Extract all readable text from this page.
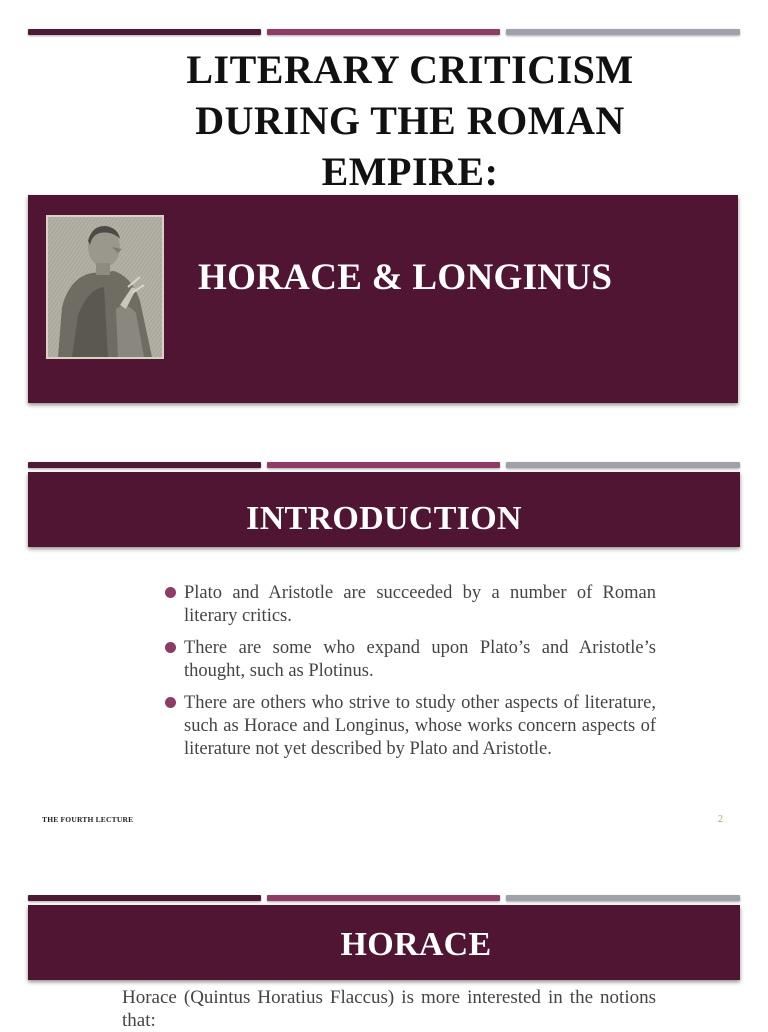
LITERARY CRITICISM
DURING THE ROMAN
EMPIRE:
HORACE & LONGINUS
INTRODUCTION
Plato and Aristotle are succeeded by a number of Roman literary critics.
There are some who expand upon Plato’s and Aristotle’s thought, such as Plotinus.
There are others who strive to study other aspects of literature, such as Horace and Longinus, whose works concern aspects of literature not yet described by Plato and Aristotle.
THE FOURTH LECTURE	2
HORACE
Horace (Quintus Horatius Flaccus) is more interested in the notions that:
